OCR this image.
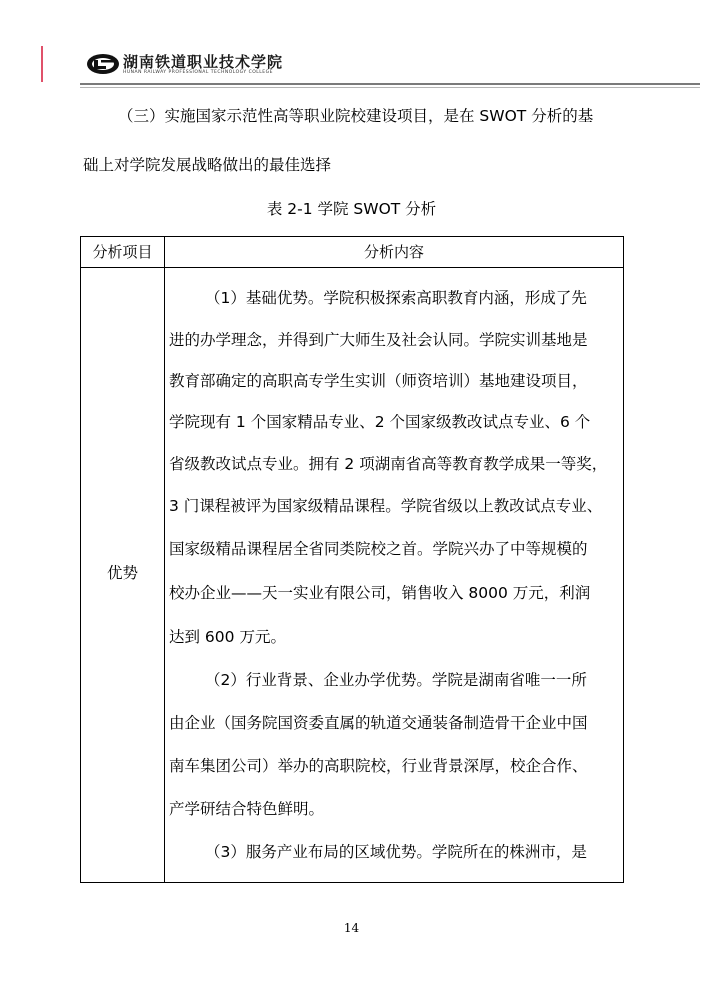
湖南铁道职业技术学院
HUNAN RAILWAY PROFESSIONAL TECHNOLOGY COLLEGE
（三）实施国家示范性高等职业院校建设项目，是在 SWOT 分析的基
础上对学院发展战略做出的最佳选择
表 2-1 学院 SWOT 分析
分析项目	分析内容
优势
（1）基础优势。学院积极探索高职教育内涵，形成了先
进的办学理念，并得到广大师生及社会认同。学院实训基地是
教育部确定的高职高专学生实训（师资培训）基地建设项目，
学院现有 1 个国家精品专业、2 个国家级教改试点专业、6 个
省级教改试点专业。拥有 2 项湖南省高等教育教学成果一等奖，
3 门课程被评为国家级精品课程。学院省级以上教改试点专业、
国家级精品课程居全省同类院校之首。学院兴办了中等规模的
校办企业——天一实业有限公司，销售收入 8000 万元，利润
达到 600 万元。
（2）行业背景、企业办学优势。学院是湖南省唯一一所
由企业（国务院国资委直属的轨道交通装备制造骨干企业中国
南车集团公司）举办的高职院校，行业背景深厚，校企合作、
产学研结合特色鲜明。
（3）服务产业布局的区域优势。学院所在的株洲市，是
14
